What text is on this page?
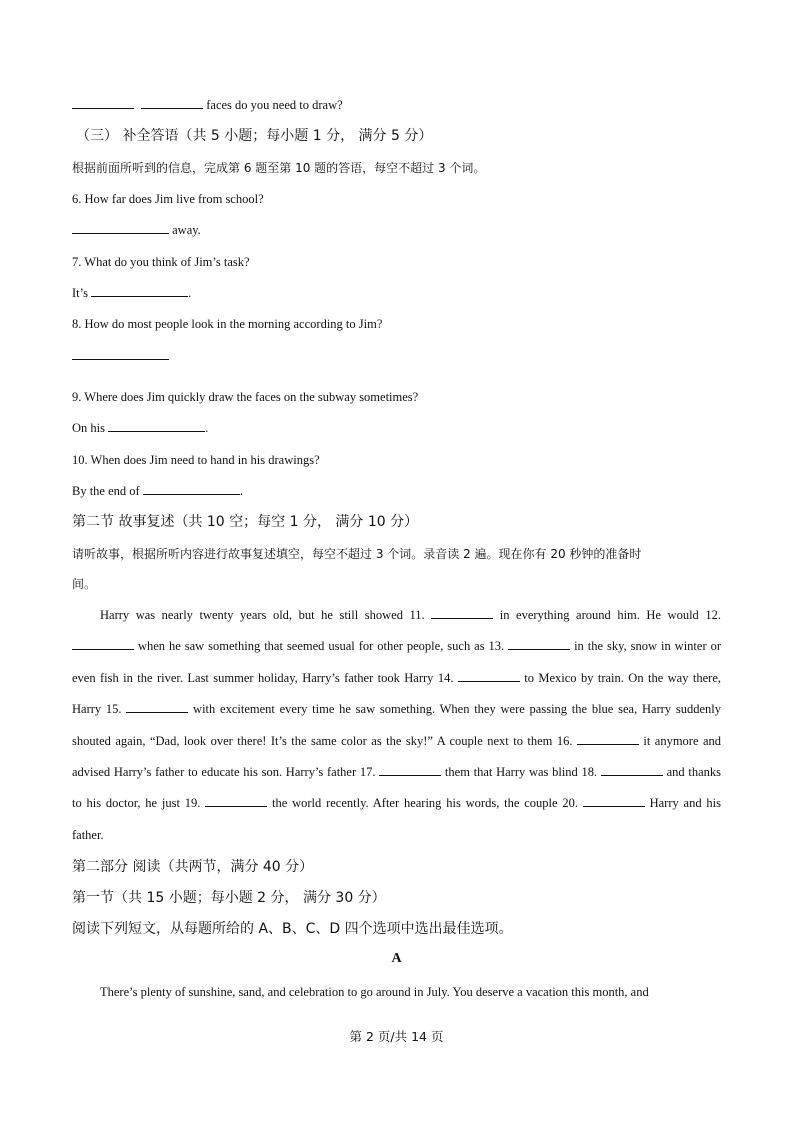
faces do you need to draw?
（三） 补全答语（共 5 小题；每小题 1 分， 满分 5 分）
根据前面所听到的信息，完成第 6 题至第 10 题的答语，每空不超过 3 个词。
6. How far does Jim live from school?
away.
7. What do you think of Jim’s task?
It’s	.
8. How do most people look in the morning according to Jim?
9. Where does Jim quickly draw the faces on the subway sometimes?
On his	.
10. When does Jim need to hand in his drawings?
By the end of	.
第二节 故事复述（共 10 空；每空 1 分， 满分 10 分）
请听故事，根据所听内容进行故事复述填空，每空不超过 3 个词。录音读 2 遍。现在你有 20 秒钟的准备时
间。
Harry was nearly twenty years old, but he still showed 11.	in everything around him. He would 12.  when he saw something that seemed usual for other people, such as 13.	in the sky, snow in winter or even fish in the river. Last summer holiday, Harry’s father took Harry 14.	to Mexico by train. On the way there, Harry 15.	with excitement every time he saw something. When they were passing the blue sea, Harry suddenly shouted again, “Dad, look over there! It’s the same color as the sky!” A couple next to them 16.	it anymore and advised Harry’s father to educate his son. Harry’s father 17.	them that Harry was blind 18.	and thanks to his doctor, he just 19.	the world recently. After hearing his words, the couple 20.	Harry and his father.
第二部分 阅读（共两节，满分 40 分）
第一节（共 15 小题；每小题 2 分， 满分 30 分）
阅读下列短文，从每题所给的 A、B、C、D 四个选项中选出最佳选项。
A
There’s plenty of sunshine, sand, and celebration to go around in July. You deserve a vacation this month, and
第 2 页/共 14 页
